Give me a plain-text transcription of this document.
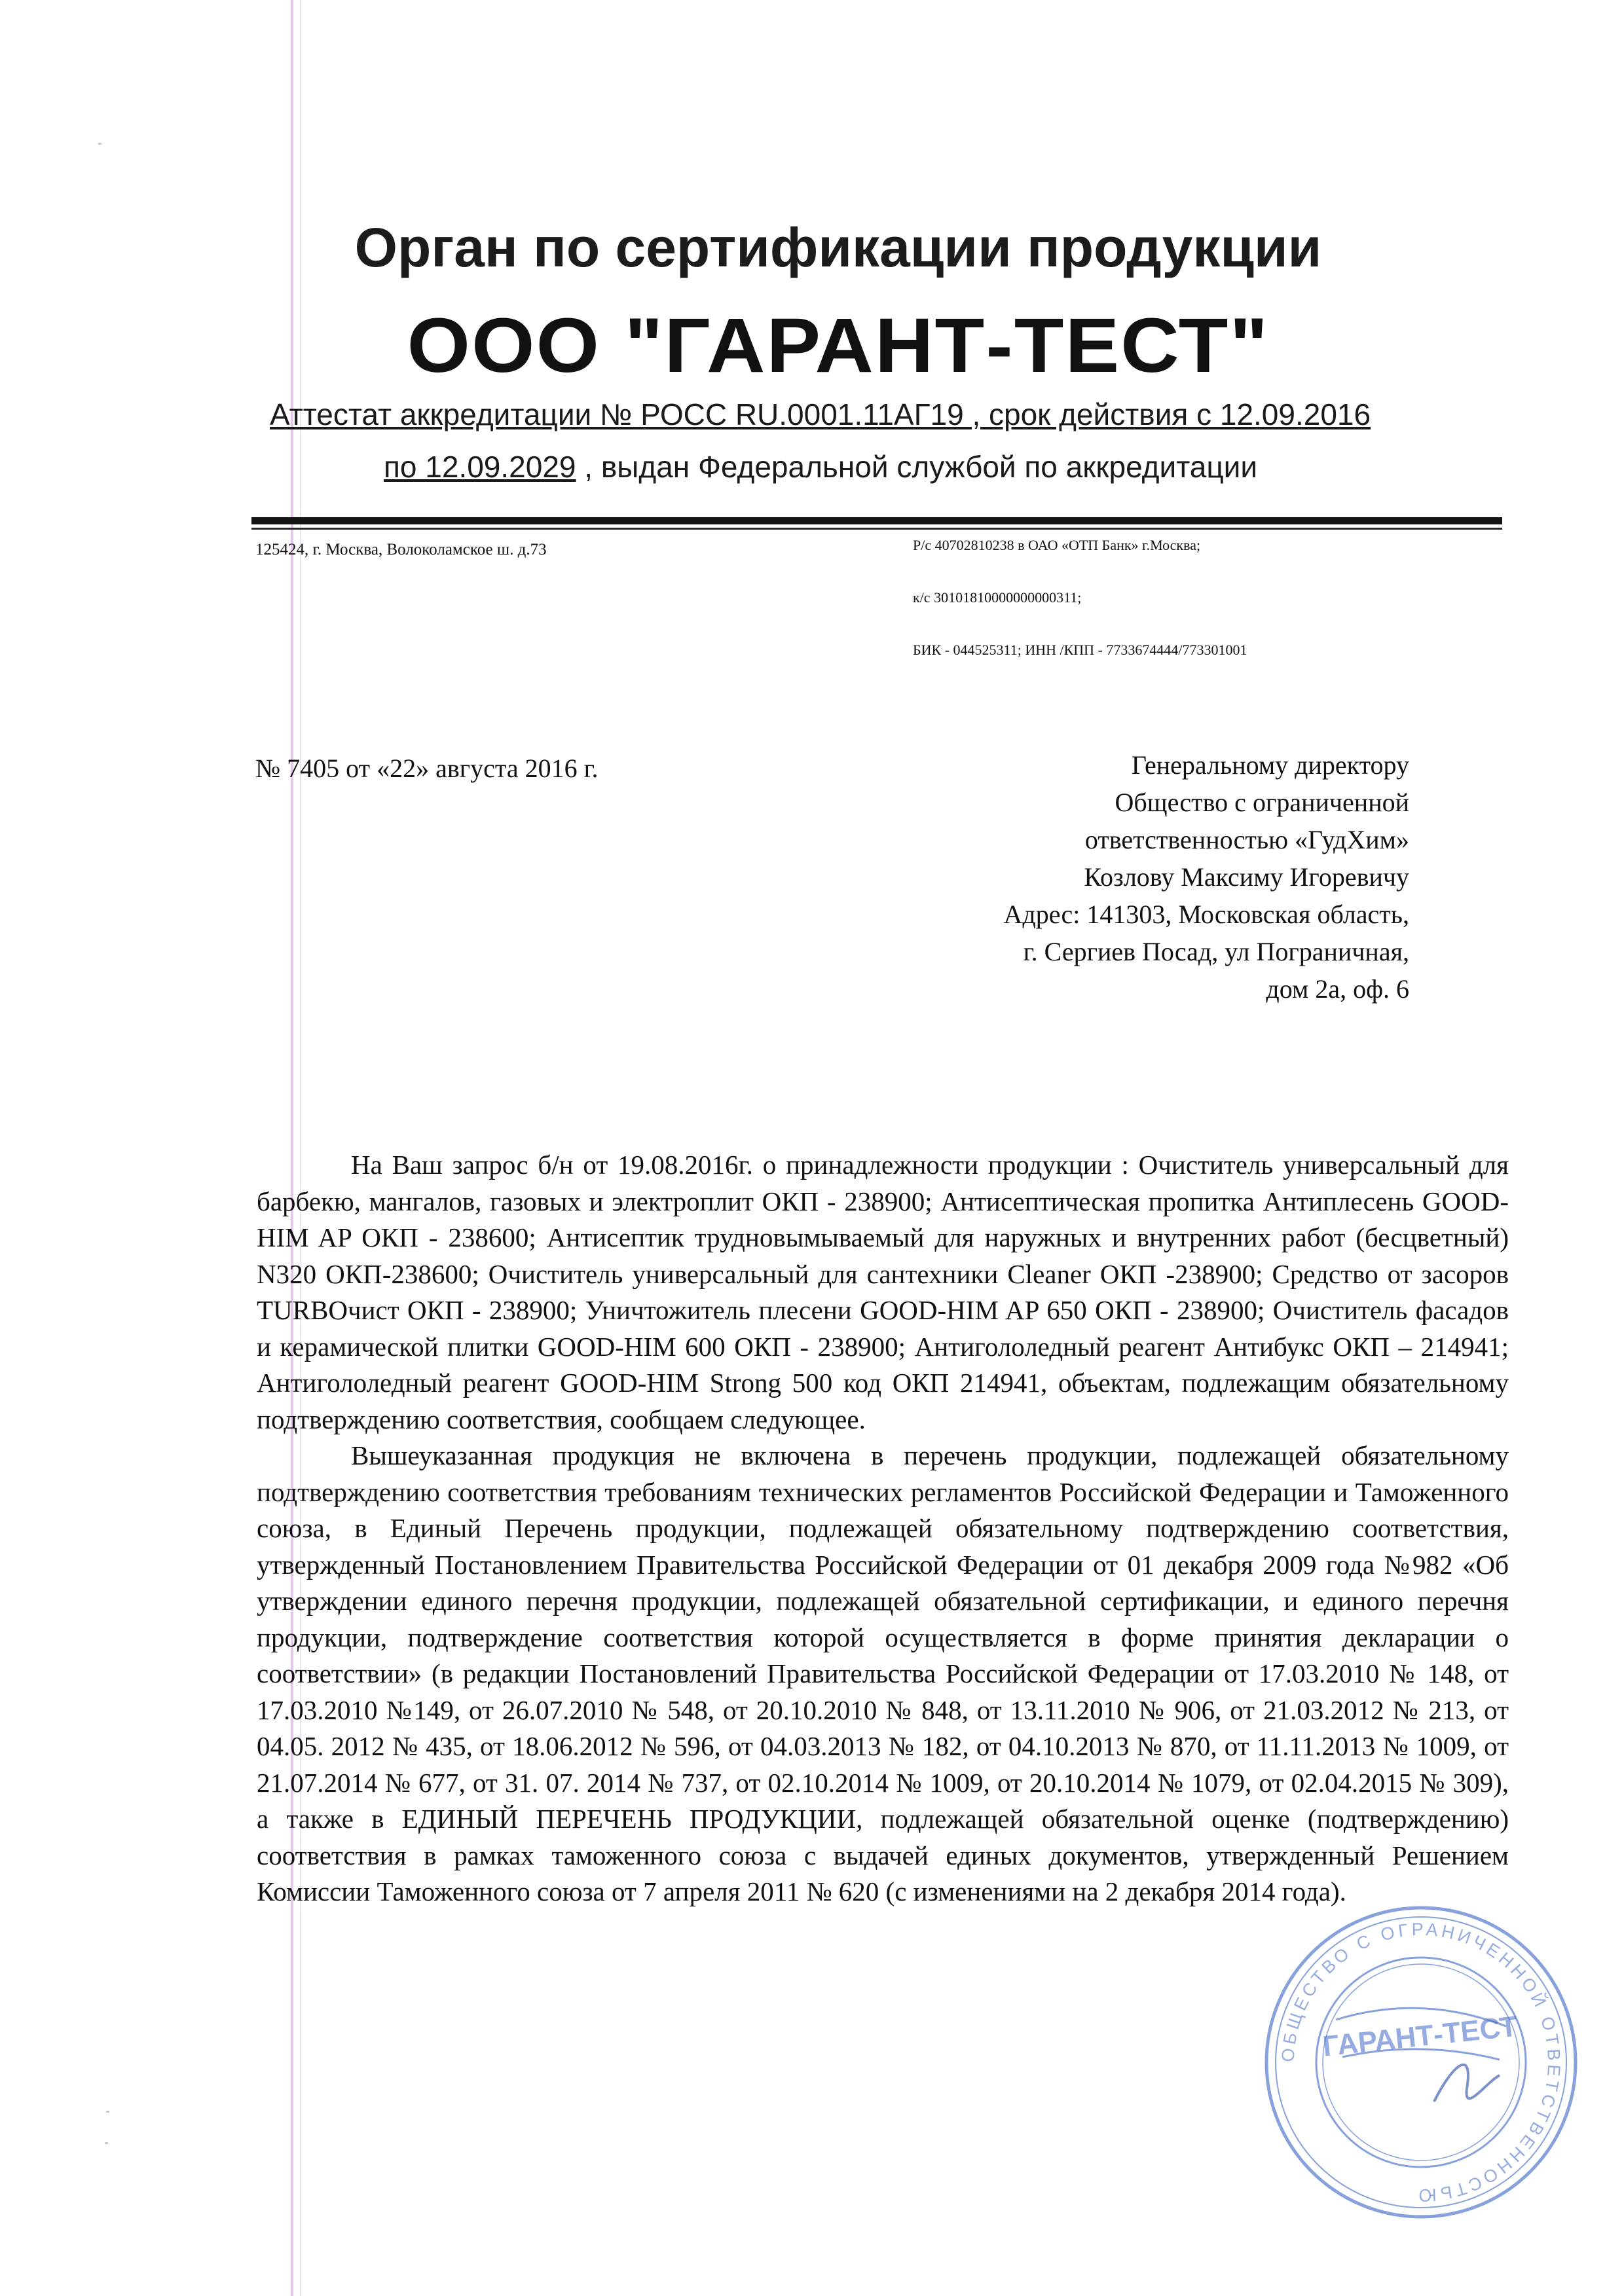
Орган по сертификации продукции
ООО "ГАРАНТ-ТЕСТ"
Аттестат аккредитации № РОСС RU.0001.11АГ19 , срок действия с 12.09.2016
по 12.09.2029 , выдан Федеральной службой по аккредитации
125424, г. Москва, Волоколамское ш. д.73	Р/с 40702810238 в ОАО «ОТП Банк» г.Москва;
к/с 30101810000000000311;
БИК - 044525311; ИНН /КПП - 7733674444/773301001
№ 7405 от «22» августа 2016 г.	Генеральному директору
Общество с ограниченной
ответственностью «ГудХим»
Козлову Максиму Игоревичу
Адрес: 141303, Московская область,
г. Сергиев Посад, ул Пограничная,
дом 2а, оф. 6

На Ваш запрос б/н от 19.08.2016г. о принадлежности продукции : Очиститель универсальный для барбекю, мангалов, газовых и электроплит ОКП - 238900; Антисептическая пропитка Антиплесень GOOD-HIM AP ОКП - 238600; Антисептик трудновымываемый для наружных и внутренних работ (бесцветный) N320 ОКП-238600; Очиститель универсальный для сантехники Cleaner ОКП -238900; Средство от засоров TURBOчист ОКП - 238900; Уничтожитель плесени GOOD-HIM AP 650 ОКП - 238900; Очиститель фасадов и керамической плитки GOOD-HIM 600 ОКП - 238900; Антигололедный реагент Антибукс ОКП – 214941; Антигололедный реагент GOOD-HIM Strong 500 код ОКП 214941, объектам, подлежащим обязательному подтверждению соответствия, сообщаем следующее.

Вышеуказанная продукция не включена в перечень продукции, подлежащей обязательному подтверждению соответствия требованиям технических регламентов Российской Федерации и Таможенного союза, в Единый Перечень продукции, подлежащей обязательному подтверждению соответствия, утвержденный Постановлением Правительства Российской Федерации от 01 декабря 2009 года №982 «Об утверждении единого перечня продукции, подлежащей обязательной сертификации, и единого перечня продукции, подтверждение соответствия которой осуществляется в форме принятия декларации о соответствии» (в редакции Постановлений Правительства Российской Федерации от 17.03.2010 № 148, от 17.03.2010 №149, от 26.07.2010 № 548, от 20.10.2010 № 848, от 13.11.2010 № 906, от 21.03.2012 № 213, от 04.05. 2012 № 435, от 18.06.2012 № 596, от 04.03.2013 № 182, от 04.10.2013 № 870, от 11.11.2013 № 1009, от 21.07.2014 № 677, от 31. 07. 2014 № 737, от 02.10.2014 № 1009, от 20.10.2014 № 1079, от 02.04.2015 № 309), а также в ЕДИНЫЙ ПЕРЕЧЕНЬ ПРОДУКЦИИ, подлежащей обязательной оценке (подтверждению) соответствия в рамках таможенного союза с выдачей единых документов, утвержденный Решением Комиссии Таможенного союза от 7 апреля 2011 № 620 (с изменениями на 2 декабря 2014 года).

ОБЩЕСТВО С ОГРАНИЧЕННОЙ ОТВЕТСТВЕННОСТЬЮ
ГАРАНТ-ТЕСТ
